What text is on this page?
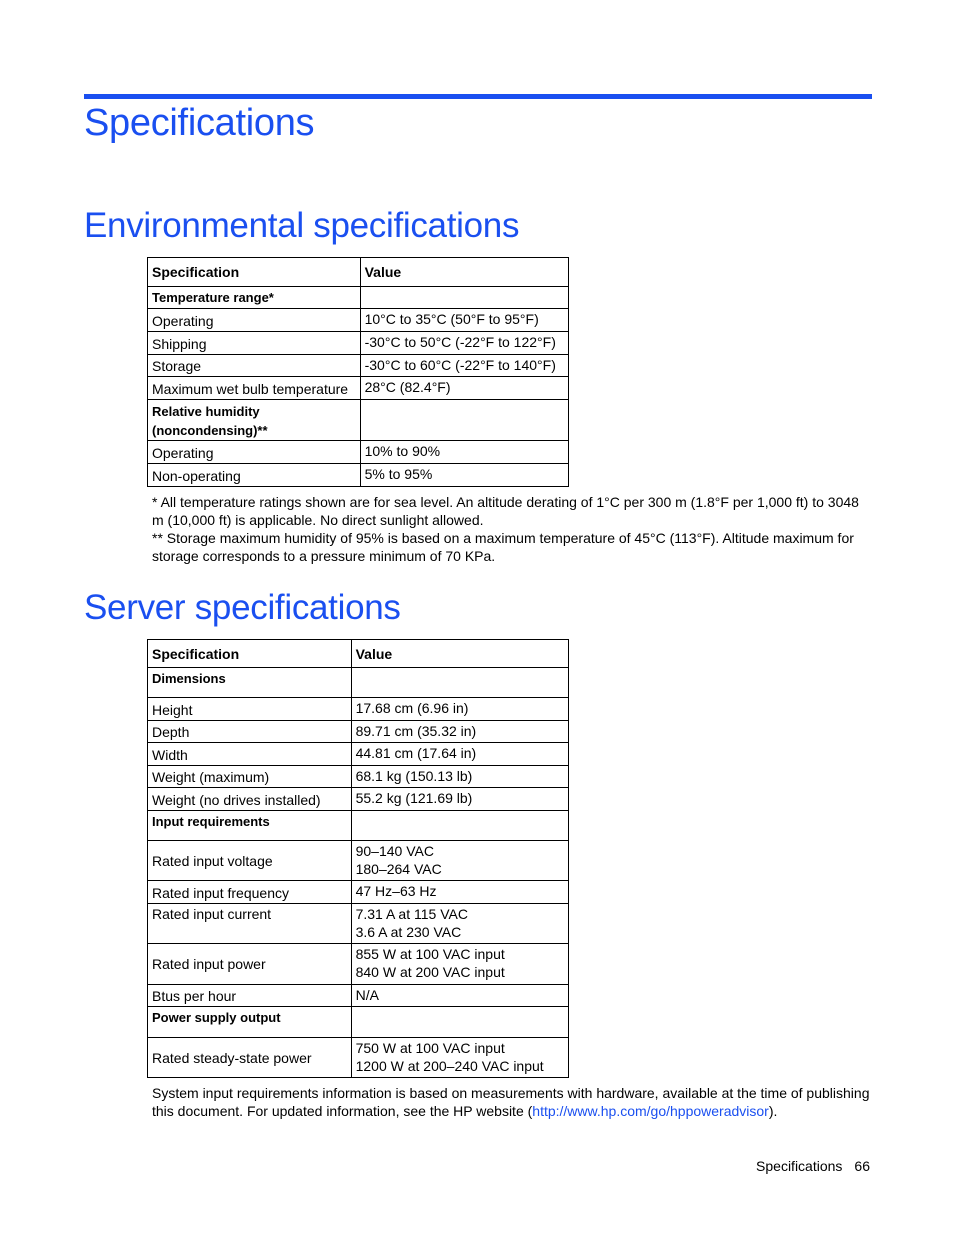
Specifications
Environmental specifications
Specification	Value
Temperature range*	
Operating	10°C to 35°C (50°F to 95°F)
Shipping	-30°C to 50°C (-22°F to 122°F)
Storage	-30°C to 60°C (-22°F to 140°F)
Maximum wet bulb temperature	28°C (82.4°F)
Relative humidity (noncondensing)**	
Operating	10% to 90%
Non-operating	5% to 95%

* All temperature ratings shown are for sea level. An altitude derating of 1°C per 300 m (1.8°F per 1,000 ft) to 3048 m (10,000 ft) is applicable. No direct sunlight allowed.

** Storage maximum humidity of 95% is based on a maximum temperature of 45°C (113°F). Altitude maximum for storage corresponds to a pressure minimum of 70 KPa.

Server specifications
Specification	Value
Dimensions	
Height	17.68 cm (6.96 in)
Depth	89.71 cm (35.32 in)
Width	44.81 cm (17.64 in)
Weight (maximum)	68.1 kg (150.13 lb)
Weight (no drives installed)	55.2 kg (121.69 lb)
Input requirements	
Rated input voltage	90–140 VAC
180–264 VAC

Rated input frequency	47 Hz–63 Hz
Rated input current	7.31 A at 115 VAC
3.6 A at 230 VAC

Rated input power	855 W at 100 VAC input
840 W at 200 VAC input

Btus per hour	N/A
Power supply output	
Rated steady-state power	750 W at 100 VAC input
1200 W at 200–240 VAC input

System input requirements information is based on measurements with hardware, available at the time of publishing this document. For updated information, see the HP website (http://www.hp.com/go/hppoweradvisor).

Specifications 66
